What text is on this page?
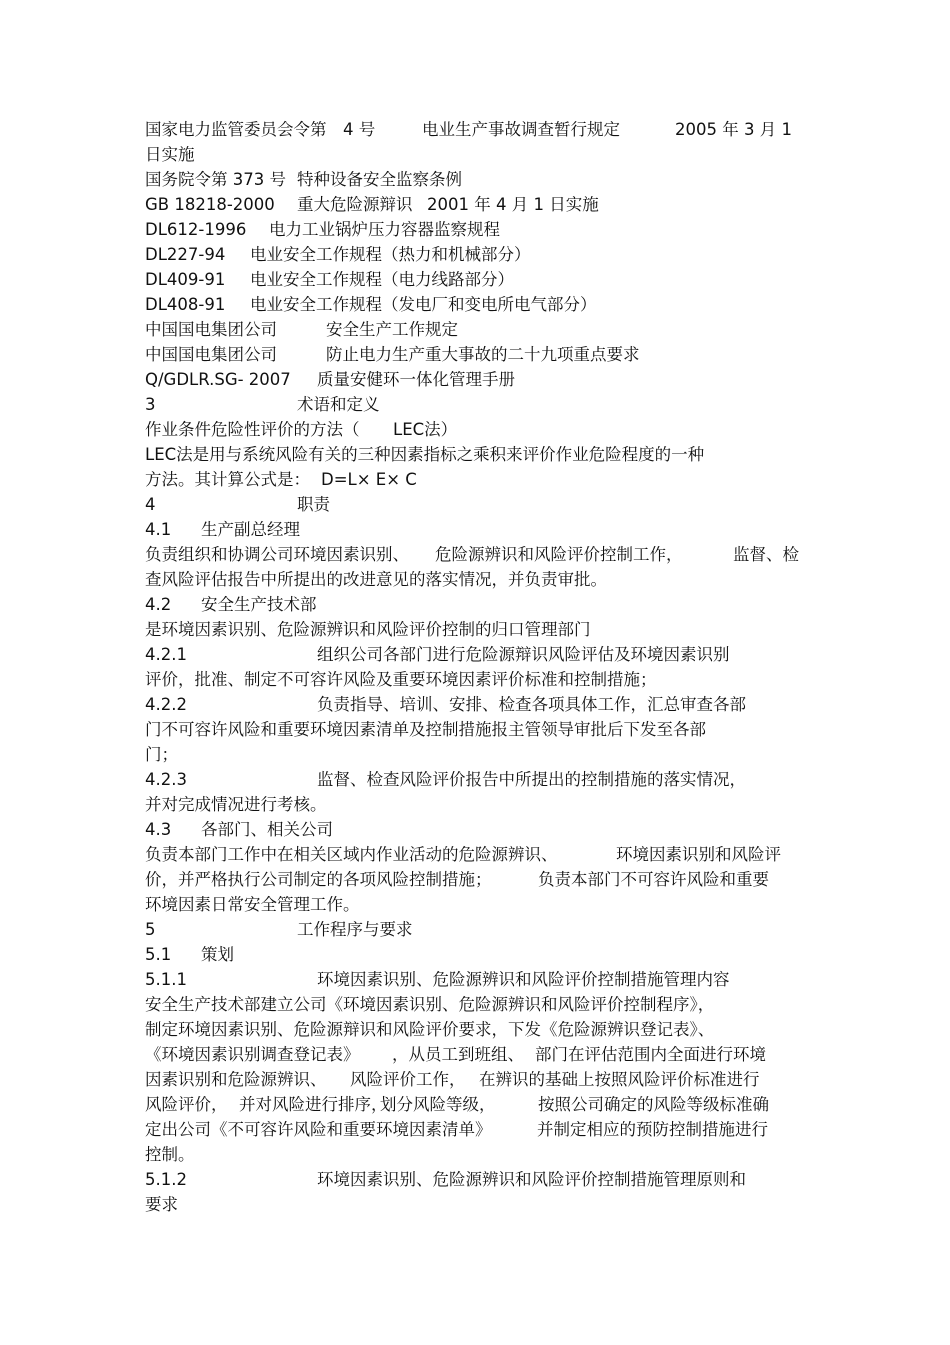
国家电力监管委员会令第 4 号	电业生产事故调查暂行规定	2005 年 3 月 1
日实施
国务院令第 373 号 特种设备安全监察条例
GB 18218-2000 重大危险源辩识 2001 年 4 月 1 日实施
DL612-1996 电力工业锅炉压力容器监察规程
DL227-94 电业安全工作规程（热力和机械部分）
DL409-91 电业安全工作规程（电力线路部分）
DL408-91 电业安全工作规程（发电厂和变电所电气部分）
中国国电集团公司	安全生产工作规定
中国国电集团公司	防止电力生产重大事故的二十九项重点要求
Q/GDLR.SG- 2007 质量安健环一体化管理手册
3	术语和定义
作业条件危险性评价的方法（ LEC法）
LEC法是用与系统风险有关的三种因素指标之乘积来评价作业危险程度的一种
方法。其计算公式是： D=L× E× C
4	职责
4.1 生产副总经理
负责组织和协调公司环境因素识别、 危险源辨识和风险评价控制工作，	监督、检
查风险评估报告中所提出的改进意见的落实情况，并负责审批。
4.2 安全生产技术部
是环境因素识别、危险源辨识和风险评价控制的归口管理部门
4.2.1	组织公司各部门进行危险源辩识风险评估及环境因素识别
评价，批准、制定不可容许风险及重要环境因素评价标准和控制措施；
4.2.2	负责指导、培训、安排、检查各项具体工作，汇总审查各部
门不可容许风险和重要环境因素清单及控制措施报主管领导审批后下发至各部
门；
4.2.3	监督、检查风险评价报告中所提出的控制措施的落实情况，
并对完成情况进行考核。
4.3 各部门、相关公司
负责本部门工作中在相关区域内作业活动的危险源辨识、	环境因素识别和风险评
价，并严格执行公司制定的各项风险控制措施；	负责本部门不可容许风险和重要
环境因素日常安全管理工作。
5	工作程序与要求
5.1 策划
5.1.1	环境因素识别、危险源辨识和风险评价控制措施管理内容
安全生产技术部建立公司《环境因素识别、危险源辨识和风险评价控制程序》，
制定环境因素识别、危险源辩识和风险评价要求，下发《危险源辨识登记表》、
《环境因素识别调查登记表》 ，从员工到班组、 部门在评估范围内全面进行环境
因素识别和危险源辨识、 风险评价工作， 在辨识的基础上按照风险评价标准进行
风险评价， 并对风险进行排序，
划分风险等级，	按照公司确定的风险等级标准确
定出公司《不可容许风险和重要环境因素清单》	并制定相应的预防控制措施进行
控制。
5.1.2	环境因素识别、危险源辨识和风险评价控制措施管理原则和
要求
